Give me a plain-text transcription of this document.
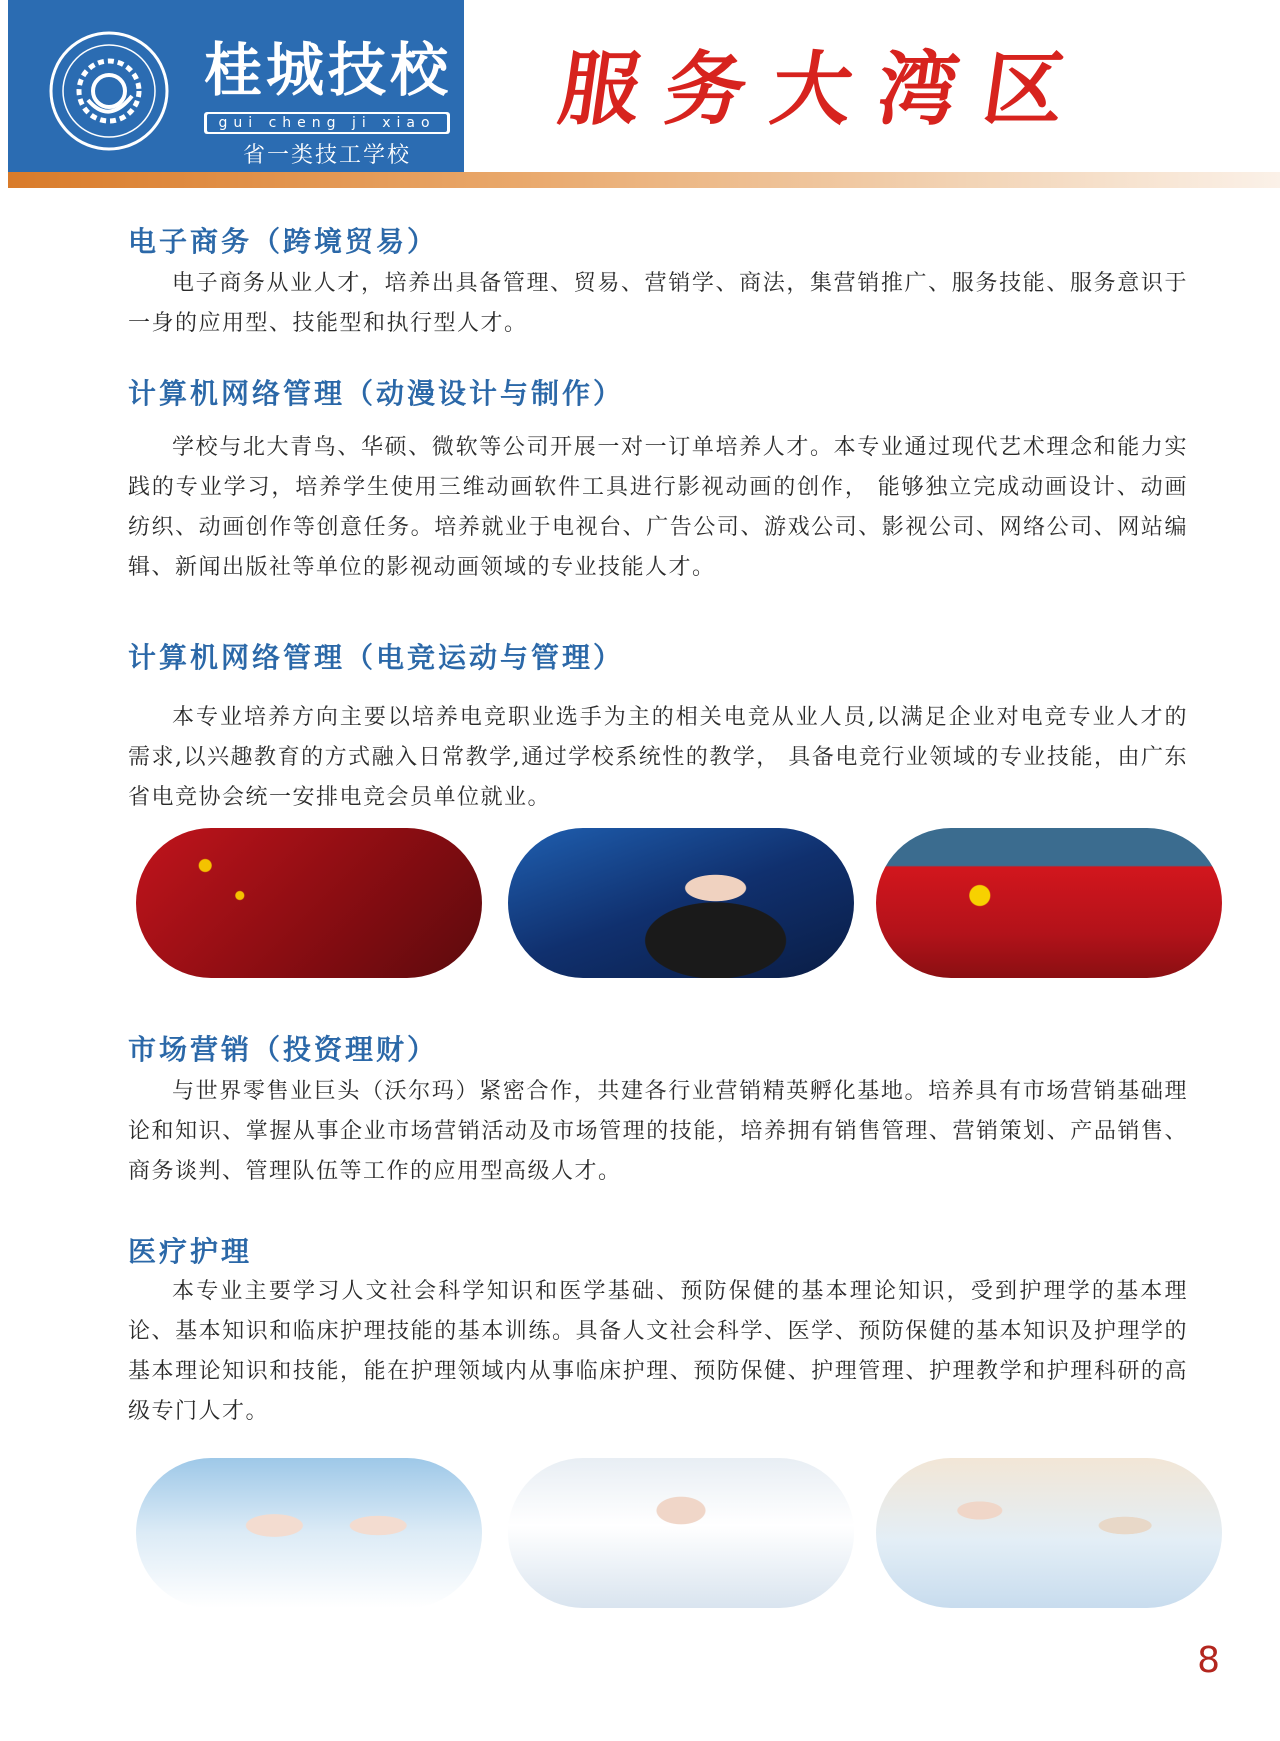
桂城技校
gui cheng ji xiao
省一类技工学校
服务大湾区
电子商务（跨境贸易）
电子商务从业人才，培养出具备管理、贸易、营销学、商法，集营销推广、服务技能、服务意识于一身的应用型、技能型和执行型人才。
计算机网络管理（动漫设计与制作）
学校与北大青鸟、华硕、微软等公司开展一对一订单培养人才。本专业通过现代艺术理念和能力实践的专业学习，培养学生使用三维动画软件工具进行影视动画的创作， 能够独立完成动画设计、动画纺织、动画创作等创意任务。培养就业于电视台、广告公司、游戏公司、影视公司、网络公司、网站编辑、新闻出版社等单位的影视动画领域的专业技能人才。
计算机网络管理（电竞运动与管理）
本专业培养方向主要以培养电竞职业选手为主的相关电竞从业人员,以满足企业对电竞专业人才的需求,以兴趣教育的方式融入日常教学,通过学校系统性的教学， 具备电竞行业领域的专业技能，由广东省电竞协会统一安排电竞会员单位就业。
市场营销（投资理财）
与世界零售业巨头（沃尔玛）紧密合作，共建各行业营销精英孵化基地。培养具有市场营销基础理论和知识、掌握从事企业市场营销活动及市场管理的技能，培养拥有销售管理、营销策划、产品销售、商务谈判、管理队伍等工作的应用型高级人才。
医疗护理
本专业主要学习人文社会科学知识和医学基础、预防保健的基本理论知识，受到护理学的基本理论、基本知识和临床护理技能的基本训练。具备人文社会科学、医学、预防保健的基本知识及护理学的基本理论知识和技能，能在护理领域内从事临床护理、预防保健、护理管理、护理教学和护理科研的高级专门人才。
8
